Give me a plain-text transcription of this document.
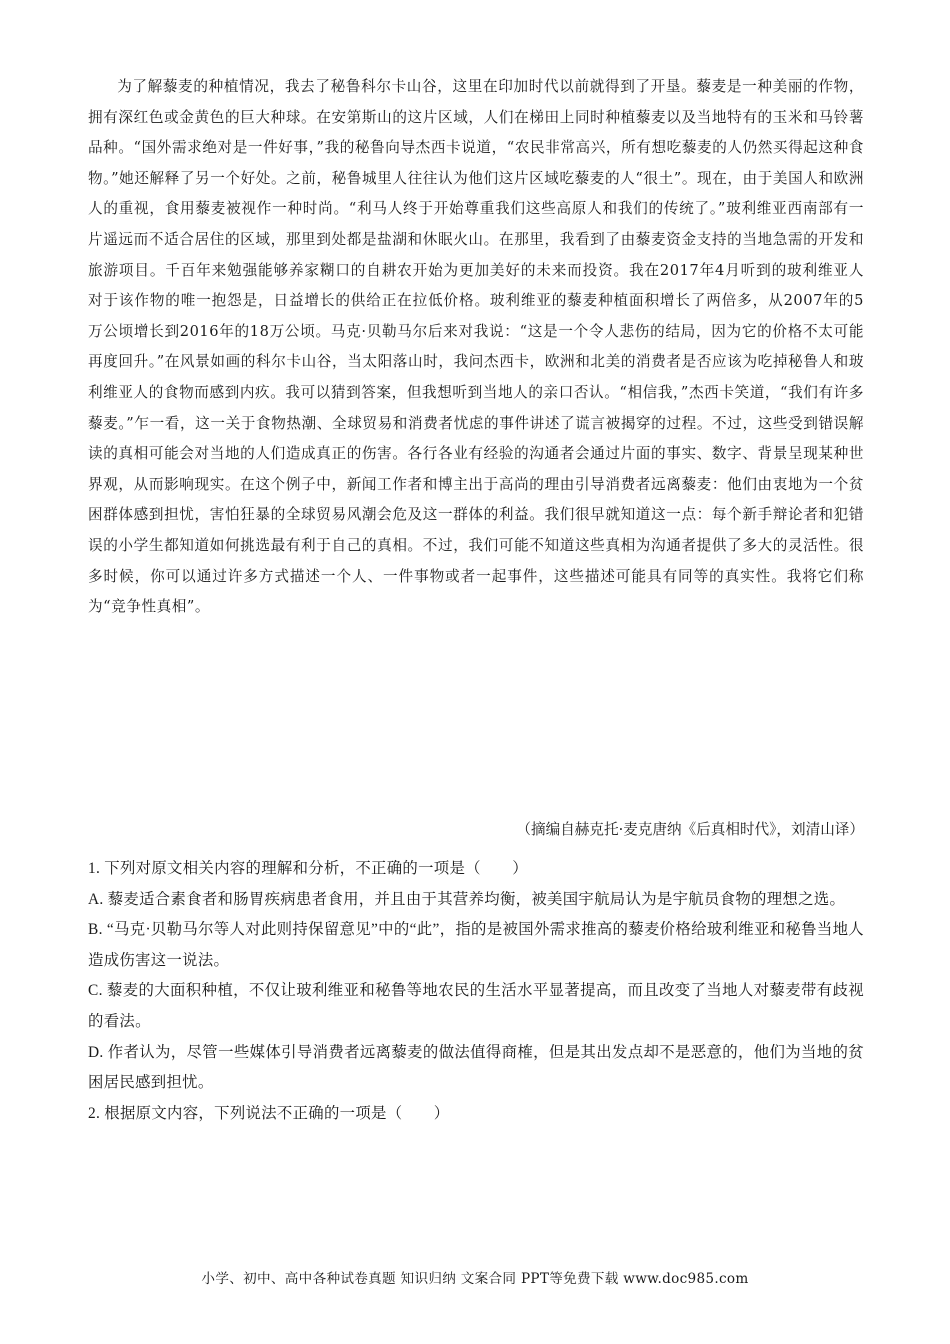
为了解藜麦的种植情况，我去了秘鲁科尔卡山谷，这里在印加时代以前就得到了开垦。藜麦是一种美丽的作物，拥有深红色或金黄色的巨大种球。在安第斯山的这片区域，人们在梯田上同时种植藜麦以及当地特有的玉米和马铃薯品种。“国外需求绝对是一件好事，”我的秘鲁向导杰西卡说道，“农民非常高兴，所有想吃藜麦的人仍然买得起这种食物。”她还解释了另一个好处。之前，秘鲁城里人往往认为他们这片区域吃藜麦的人“很土”。现在，由于美国人和欧洲人的重视，食用藜麦被视作一种时尚。“利马人终于开始尊重我们这些高原人和我们的传统了。”玻利维亚西南部有一片遥远而不适合居住的区域，那里到处都是盐湖和休眠火山。在那里，我看到了由藜麦资金支持的当地急需的开发和旅游项目。千百年来勉强能够养家糊口的自耕农开始为更加美好的未来而投资。我在2017年4月听到的玻利维亚人对于该作物的唯一抱怨是，日益增长的供给正在拉低价格。玻利维亚的藜麦种植面积增长了两倍多，从2007年的5万公顷增长到2016年的18万公顷。马克·贝勒马尔后来对我说：“这是一个令人悲伤的结局，因为它的价格不太可能再度回升。”在风景如画的科尔卡山谷，当太阳落山时，我问杰西卡，欧洲和北美的消费者是否应该为吃掉秘鲁人和玻利维亚人的食物而感到内疚。我可以猜到答案，但我想听到当地人的亲口否认。“相信我，”杰西卡笑道，“我们有许多藜麦。”乍一看，这一关于食物热潮、全球贸易和消费者忧虑的事件讲述了谎言被揭穿的过程。不过，这些受到错误解读的真相可能会对当地的人们造成真正的伤害。各行各业有经验的沟通者会通过片面的事实、数字、背景呈现某种世界观，从而影响现实。在这个例子中，新闻工作者和博主出于高尚的理由引导消费者远离藜麦：他们由衷地为一个贫困群体感到担忧，害怕狂暴的全球贸易风潮会危及这一群体的利益。我们很早就知道这一点：每个新手辩论者和犯错误的小学生都知道如何挑选最有利于自己的真相。不过，我们可能不知道这些真相为沟通者提供了多大的灵活性。很多时候，你可以通过许多方式描述一个人、一件事物或者一起事件，这些描述可能具有同等的真实性。我将它们称为“竞争性真相”。

（摘编自赫克托·麦克唐纳《后真相时代》，刘清山译）

1. 下列对原文相关内容的理解和分析，不正确的一项是（　　）

A. 藜麦适合素食者和肠胃疾病患者食用，并且由于其营养均衡，被美国宇航局认为是宇航员食物的理想之选。

B. “马克·贝勒马尔等人对此则持保留意见”中的“此”，指的是被国外需求推高的藜麦价格给玻利维亚和秘鲁当地人造成伤害这一说法。

C. 藜麦的大面积种植，不仅让玻利维亚和秘鲁等地农民的生活水平显著提高，而且改变了当地人对藜麦带有歧视的看法。

D. 作者认为，尽管一些媒体引导消费者远离藜麦的做法值得商榷，但是其出发点却不是恶意的，他们为当地的贫困居民感到担忧。

2. 根据原文内容，下列说法不正确的一项是（　　）

小学、初中、高中各种试卷真题 知识归纳 文案合同 PPT等免费下载 www.doc985.com
